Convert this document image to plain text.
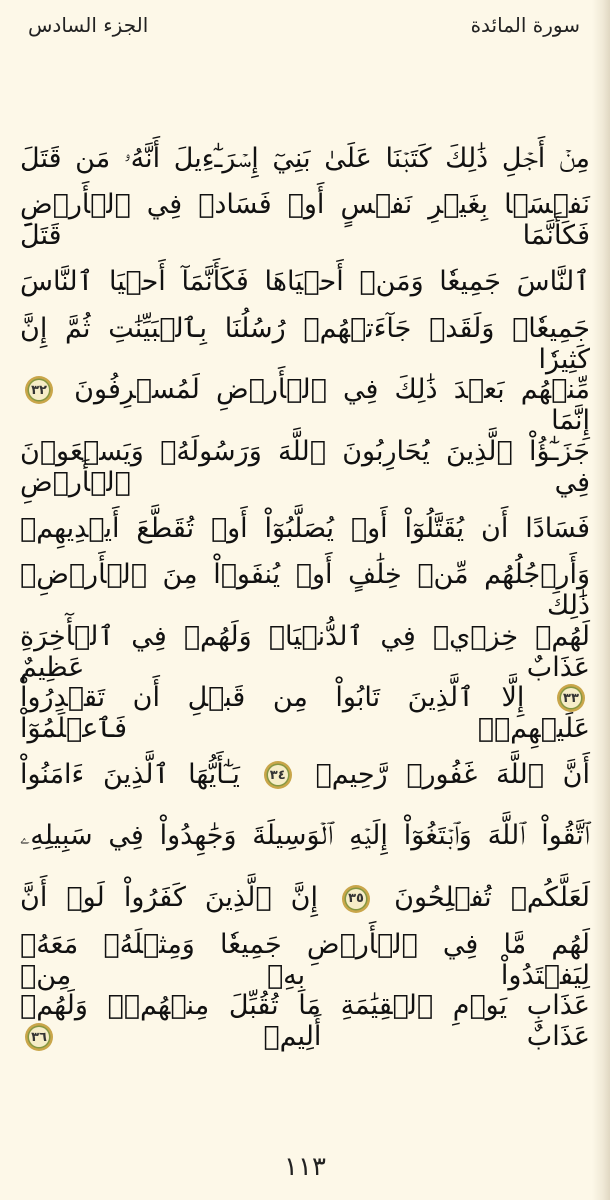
الجزء السادس	سورة المائدة
مِنۡ أَجۡلِ ذَٰلِكَ كَتَبۡنَا عَلَىٰ بَنِيٓ إِسۡرَـٰٓءِيلَ أَنَّهُۥ مَن قَتَلَ
نَفۡسَۢا بِغَيۡرِ نَفۡسٍ أَوۡ فَسَادٖ فِي ٱلۡأَرۡضِ فَكَأَنَّمَا قَتَلَ
ٱلنَّاسَ جَمِيعٗا وَمَنۡ أَحۡيَاهَا فَكَأَنَّمَآ أَحۡيَا ٱلنَّاسَ
جَمِيعٗاۚ وَلَقَدۡ جَآءَتۡهُمۡ رُسُلُنَا بِٱلۡبَيِّنَٰتِ ثُمَّ إِنَّ كَثِيرٗا
مِّنۡهُم بَعۡدَ ذَٰلِكَ فِي ٱلۡأَرۡضِ لَمُسۡرِفُونَ
٣٢
إِنَّمَا
جَزَـٰٓؤُاْ ٱلَّذِينَ يُحَارِبُونَ ٱللَّهَ وَرَسُولَهُۥ وَيَسۡعَوۡنَ فِي ٱلۡأَرۡضِ
فَسَادًا أَن يُقَتَّلُوٓاْ أَوۡ يُصَلَّبُوٓاْ أَوۡ تُقَطَّعَ أَيۡدِيهِمۡ
وَأَرۡجُلُهُم مِّنۡ خِلَٰفٍ أَوۡ يُنفَوۡاْ مِنَ ٱلۡأَرۡضِۚ ذَٰلِكَ
لَهُمۡ خِزۡيٞ فِي ٱلدُّنۡيَاۖ وَلَهُمۡ فِي ٱلۡأٓخِرَةِ عَذَابٌ عَظِيمٌ
٣٣
إِلَّا ٱلَّذِينَ تَابُواْ مِن قَبۡلِ أَن تَقۡدِرُواْ عَلَيۡهِمۡۖ فَٱعۡلَمُوٓاْ
أَنَّ ٱللَّهَ غَفُورٞ رَّحِيمٞ
٣٤
يَـٰٓأَيُّهَا ٱلَّذِينَ ءَامَنُواْ
ٱتَّقُواْ ٱللَّهَ وَٱبۡتَغُوٓاْ إِلَيۡهِ ٱلۡوَسِيلَةَ وَجَٰهِدُواْ فِي سَبِيلِهِۦ
لَعَلَّكُمۡ تُفۡلِحُونَ
٣٥
إِنَّ ٱلَّذِينَ كَفَرُواْ لَوۡ أَنَّ
لَهُم مَّا فِي ٱلۡأَرۡضِ جَمِيعٗا وَمِثۡلَهُۥ مَعَهُۥ لِيَفۡتَدُواْ بِهِۦ مِنۡ
عَذَابِ يَوۡمِ ٱلۡقِيَٰمَةِ مَا تُقُبِّلَ مِنۡهُمۡۖ وَلَهُمۡ عَذَابٌ أَلِيمٞ
٣٦
١١٣
